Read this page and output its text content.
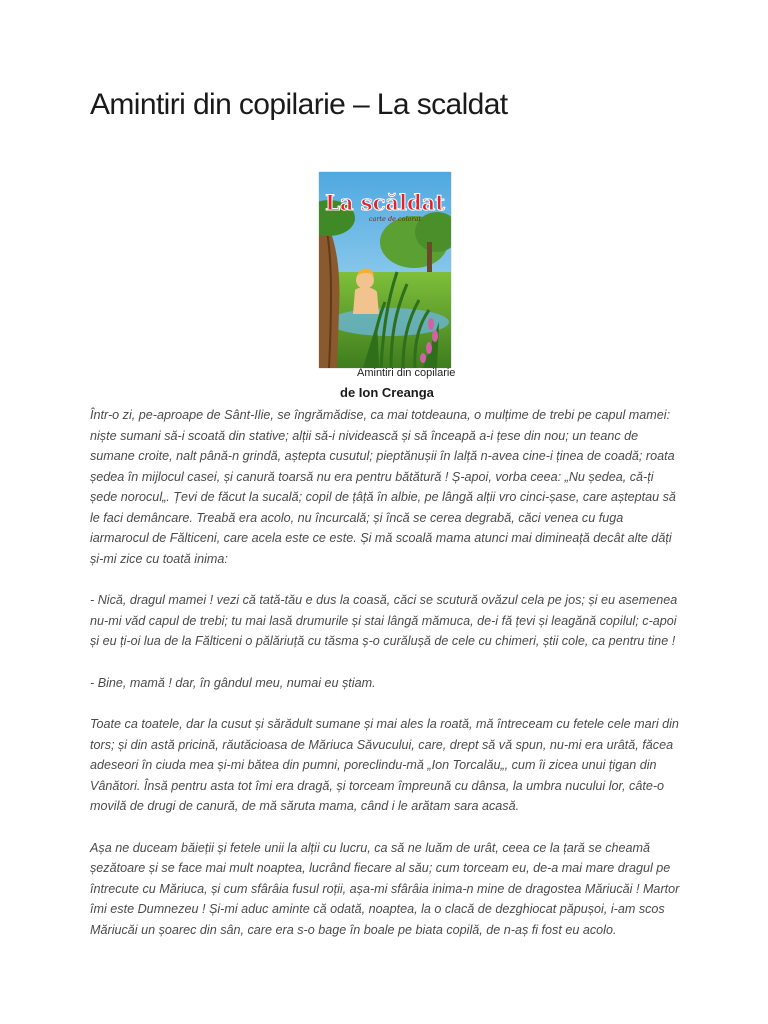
Amintiri din copilarie – La scaldat
La scăldat
carte de colorat
Amintiri din copilarie
de Ion Creanga

Într-o zi, pe-aproape de Sânt-Ilie, se îngrămădise, ca mai totdeauna, o mulțime de trebi pe capul mamei: niște sumani să-i scoată din stative; alții să-i nividească și să înceapă a-i țese din nou; un teanc de sumane croite, nalt până-n grindă, aștepta cusutul; pieptănușii în lalță n-avea cine-i ținea de coadă; roata ședea în mijlocul casei, și canură toarsă nu era pentru bătătură ! Ș-apoi, vorba ceea: „Nu ședea, că-ți șede norocul„. Țevi de făcut la sucală; copil de țâță în albie, pe lângă alții vro cinci-șase, care așteptau să le faci demâncare. Treabă era acolo, nu încurcală; și încă se cerea degrabă, căci venea cu fuga iarmarocul de Fălticeni, care acela este ce este. Și mă scoală mama atunci mai dimineață decât alte dăți și-mi zice cu toată inima:

- Nică, dragul mamei ! vezi că tată-tău e dus la coasă, căci se scutură ovăzul cela pe jos; și eu asemenea nu-mi văd capul de trebi; tu mai lasă drumurile și stai lângă mămuca, de-i fă țevi și leagănă copilul; c-apoi și eu ți-oi lua de la Fălticeni o pălăriuță cu tăsma ș-o curălușă de cele cu chimeri, știi cole, ca pentru tine !

- Bine, mamă ! dar, în gândul meu, numai eu știam.

Toate ca toatele, dar la cusut și sărădult sumane și mai ales la roată, mă întreceam cu fetele cele mari din tors; și din astă pricină, răutăcioasa de Măriuca Săvucului, care, drept să vă spun, nu-mi era urâtă, făcea adeseori în ciuda mea și-mi bătea din pumni, poreclindu-mă „Ion Torcalău„, cum îi zicea unui țigan din Vânători. Însă pentru asta tot îmi era dragă, și torceam împreună cu dânsa, la umbra nucului lor, câte-o movilă de drugi de canură, de mă săruta mama, când i le arătam sara acasă.

Așa ne duceam băieții și fetele unii la alții cu lucru, ca să ne luăm de urât, ceea ce la țară se cheamă șezătoare și se face mai mult noaptea, lucrând fiecare al său; cum torceam eu, de-a mai mare dragul pe întrecute cu Măriuca, și cum sfârâia fusul roții, așa-mi sfârâia inima-n mine de dragostea Măriucăi ! Martor îmi este Dumnezeu ! Și-mi aduc aminte că odată, noaptea, la o clacă de dezghiocat păpușoi, i-am scos Măriucăi un șoarec din sân, care era s-o bage în boale pe biata copilă, de n-aș fi fost eu acolo.
